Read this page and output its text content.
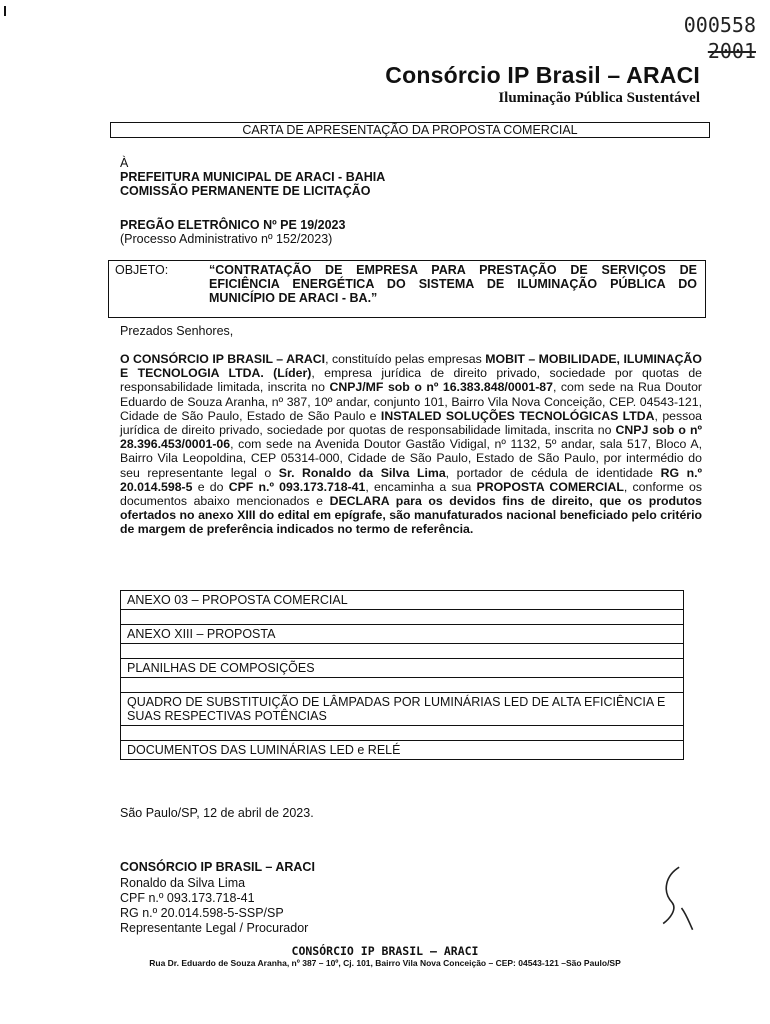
000558
2001
Consórcio IP Brasil – ARACI
Iluminação Pública Sustentável
CARTA DE APRESENTAÇÃO DA PROPOSTA COMERCIAL
À
PREFEITURA MUNICIPAL DE ARACI - BAHIA
COMISSÃO PERMANENTE DE LICITAÇÃO
PREGÃO ELETRÔNICO Nº PE 19/2023
(Processo Administrativo nº 152/2023)
OBJETO:	“CONTRATAÇÃO DE EMPRESA PARA PRESTAÇÃO DE SERVIÇOS DE EFICIÊNCIA ENERGÉTICA DO SISTEMA DE ILUMINAÇÃO PÚBLICA DO MUNICÍPIO DE ARACI - BA.”
Prezados Senhores,
O CONSÓRCIO IP BRASIL – ARACI, constituído pelas empresas MOBIT – MOBILIDADE, ILUMINAÇÃO E TECNOLOGIA LTDA. (Líder), empresa jurídica de direito privado, sociedade por quotas de responsabilidade limitada, inscrita no CNPJ/MF sob o nº 16.383.848/0001-87, com sede na Rua Doutor Eduardo de Souza Aranha, nº 387, 10º andar, conjunto 101, Bairro Vila Nova Conceição, CEP. 04543-121, Cidade de São Paulo, Estado de São Paulo e INSTALED SOLUÇÕES TECNOLÓGICAS LTDA, pessoa jurídica de direito privado, sociedade por quotas de responsabilidade limitada, inscrita no CNPJ sob o nº 28.396.453/0001-06, com sede na Avenida Doutor Gastão Vidigal, nº 1132, 5º andar, sala 517, Bloco A, Bairro Vila Leopoldina, CEP 05314-000, Cidade de São Paulo, Estado de São Paulo, por intermédio do seu representante legal o Sr. Ronaldo da Silva Lima, portador de cédula de identidade RG n.º 20.014.598-5 e do CPF n.º 093.173.718-41, encaminha a sua PROPOSTA COMERCIAL, conforme os documentos abaixo mencionados e DECLARA para os devidos fins de direito, que os produtos ofertados no anexo XIII do edital em epígrafe, são manufaturados nacional beneficiado pelo critério de margem de preferência indicados no termo de referência.
ANEXO 03 – PROPOSTA COMERCIAL
ANEXO XIII – PROPOSTA
PLANILHAS DE COMPOSIÇÕES
QUADRO DE SUBSTITUIÇÃO DE LÂMPADAS POR LUMINÁRIAS LED DE ALTA EFICIÊNCIA E SUAS RESPECTIVAS POTÊNCIAS
DOCUMENTOS DAS LUMINÁRIAS LED e RELÉ
São Paulo/SP, 12 de abril de 2023.
CONSÓRCIO IP BRASIL – ARACI
Ronaldo da Silva Lima
CPF n.º 093.173.718-41
RG n.º 20.014.598-5-SSP/SP
Representante Legal / Procurador
CONSÓRCIO IP BRASIL – ARACI
Rua Dr. Eduardo de Souza Aranha, nº 387 – 10º, Cj. 101, Bairro Vila Nova Conceição – CEP: 04543-121 –São Paulo/SP
